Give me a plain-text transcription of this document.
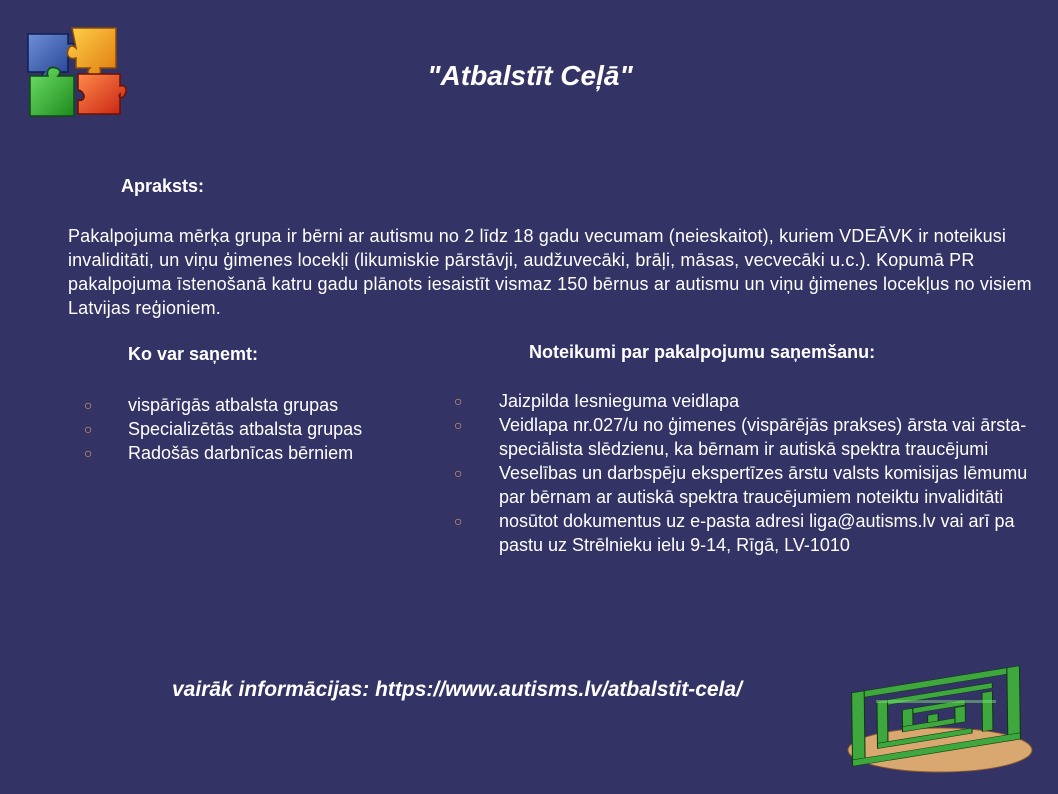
"Atbalstīt Ceļā"
Apraksts:
Pakalpojuma mērķa grupa ir bērni ar autismu no 2 līdz 18 gadu vecumam (neieskaitot), kuriem VDEĀVK ir noteikusi invaliditāti, un viņu ģimenes locekļi (likumiskie pārstāvji, audžuvecāki, brāļi, māsas, vecvecāki u.c.). Kopumā PR pakalpojuma īstenošanā katru gadu plānots iesaistīt vismaz 150 bērnus ar autismu un viņu ģimenes locekļus no visiem Latvijas reģioniem.
Ko var saņemt:
○ vispārīgās atbalsta grupas
○ Specializētās atbalsta grupas
○ Radošās darbnīcas bērniem
Noteikumi par pakalpojumu saņemšanu:
○ Jaizpilda Iesnieguma veidlapa
○ Veidlapa nr.027/u no ģimenes (vispārējās prakses) ārsta vai ārsta-speciālista slēdzienu, ka bērnam ir autiskā spektra traucējumi
○ Veselības un darbspēju ekspertīzes ārstu valsts komisijas lēmumu par bērnam ar autiskā spektra traucējumiem noteiktu invaliditāti
○ nosūtot dokumentus uz e-pasta adresi liga@autisms.lv vai arī pa pastu uz Strēlnieku ielu 9-14, Rīgā, LV-1010
vairāk informācijas: https://www.autisms.lv/atbalstit-cela/
